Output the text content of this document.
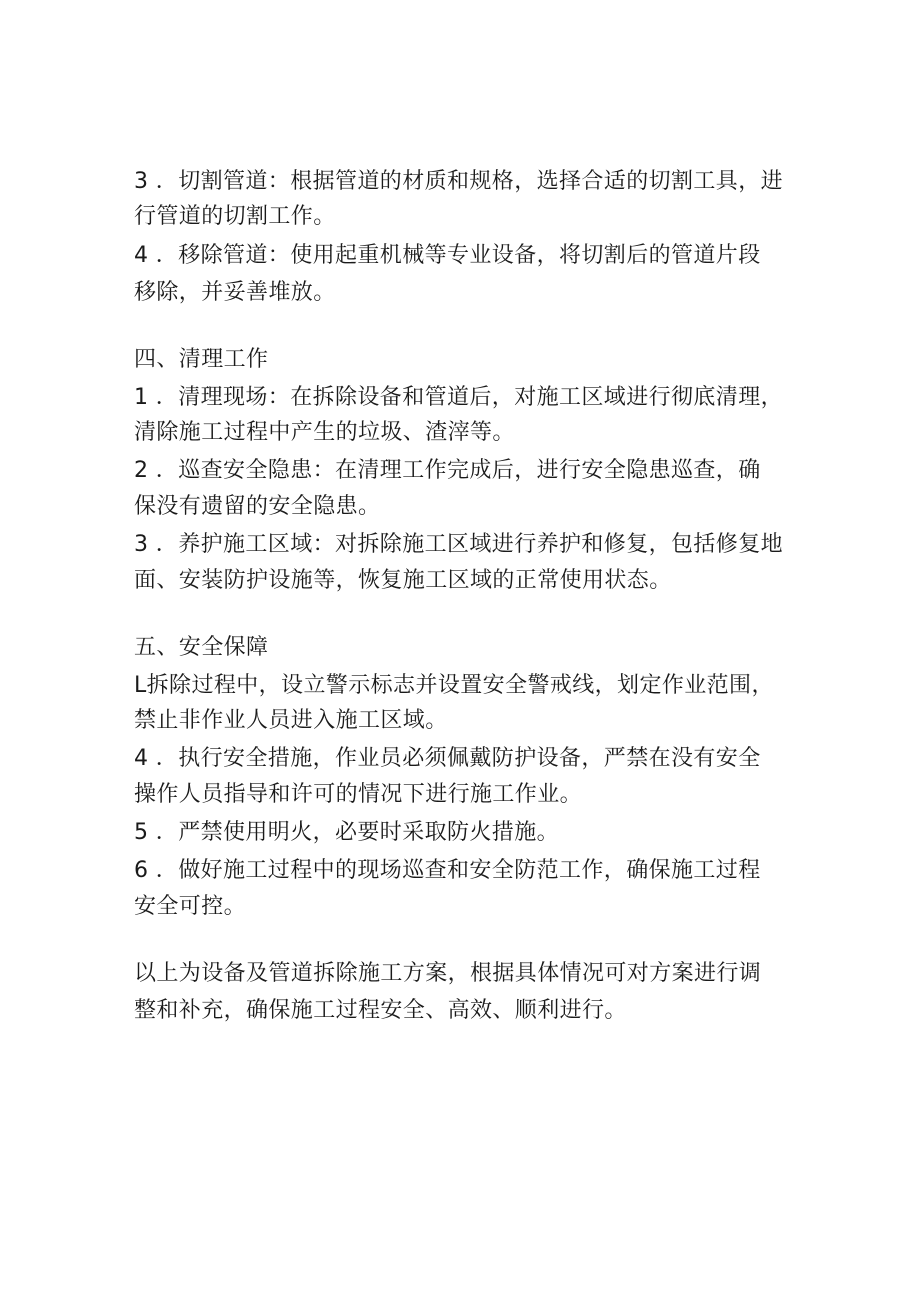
3 ．切割管道：根据管道的材质和规格，选择合适的切割工具，进
行管道的切割工作。
4 ．移除管道：使用起重机械等专业设备，将切割后的管道片段
移除，并妥善堆放。
四、清理工作
1 ．清理现场：在拆除设备和管道后，对施工区域进行彻底清理，
清除施工过程中产生的垃圾、渣滓等。
2 ．巡查安全隐患：在清理工作完成后，进行安全隐患巡查，确
保没有遗留的安全隐患。
3 ．养护施工区域：对拆除施工区域进行养护和修复，包括修复地
面、安装防护设施等，恢复施工区域的正常使用状态。
五、安全保障
L拆除过程中，设立警示标志并设置安全警戒线，划定作业范围，
禁止非作业人员进入施工区域。
4 ．执行安全措施，作业员必须佩戴防护设备，严禁在没有安全
操作人员指导和许可的情况下进行施工作业。
5 ．严禁使用明火，必要时采取防火措施。
6 ．做好施工过程中的现场巡查和安全防范工作，确保施工过程
安全可控。
以上为设备及管道拆除施工方案，根据具体情况可对方案进行调
整和补充，确保施工过程安全、高效、顺利进行。
